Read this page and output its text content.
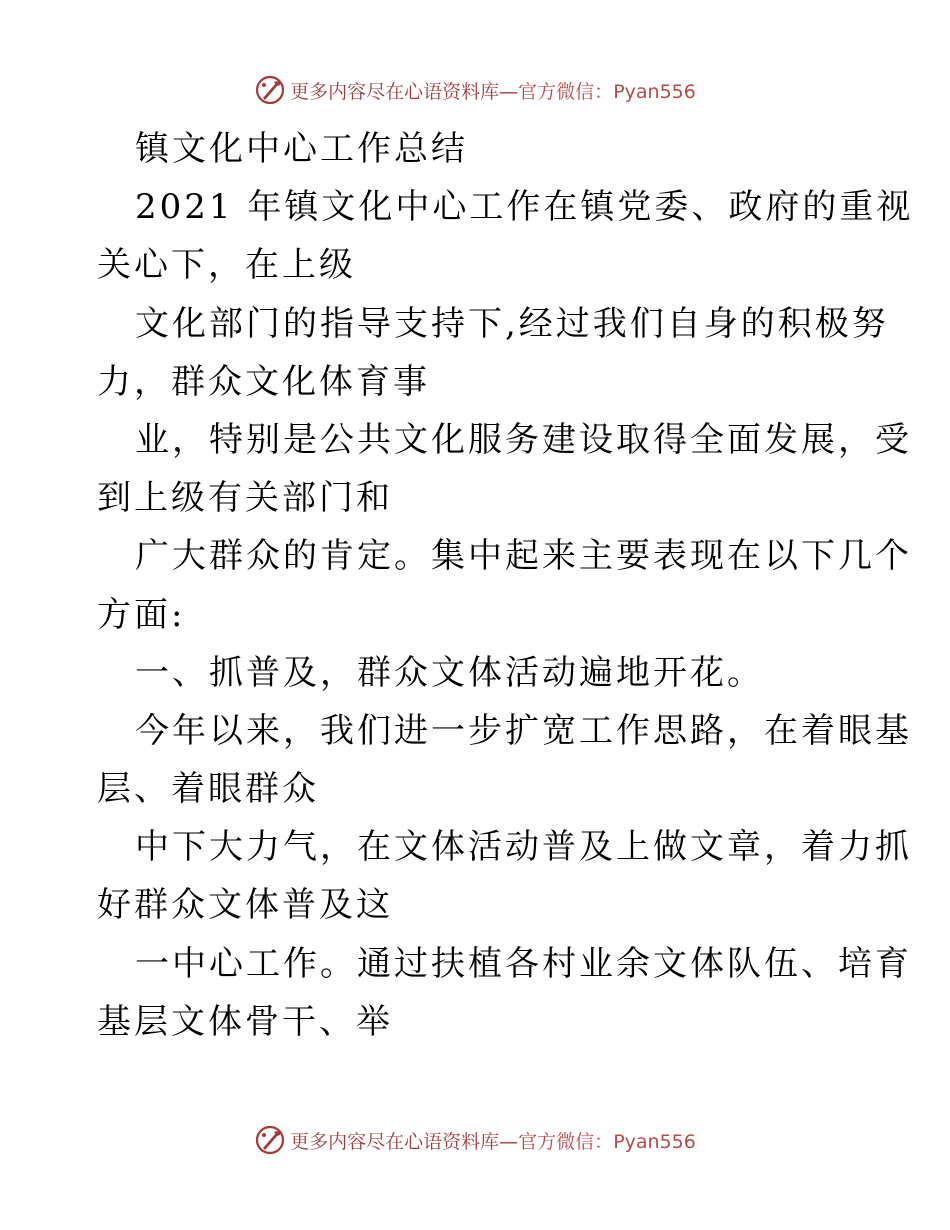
更多内容尽在心语资料库—官方微信：Pyan556
镇文化中心工作总结
2021 年镇文化中心工作在镇党委、政府的重视
关心下，在上级
文化部门的指导支持下,经过我们自身的积极努
力，群众文化体育事
业，特别是公共文化服务建设取得全面发展，受
到上级有关部门和
广大群众的肯定。集中起来主要表现在以下几个
方面:
一、抓普及，群众文体活动遍地开花。
今年以来，我们进一步扩宽工作思路，在着眼基
层、着眼群众
中下大力气，在文体活动普及上做文章，着力抓
好群众文体普及这
一中心工作。通过扶植各村业余文体队伍、培育
基层文体骨干、举
更多内容尽在心语资料库—官方微信：Pyan556
